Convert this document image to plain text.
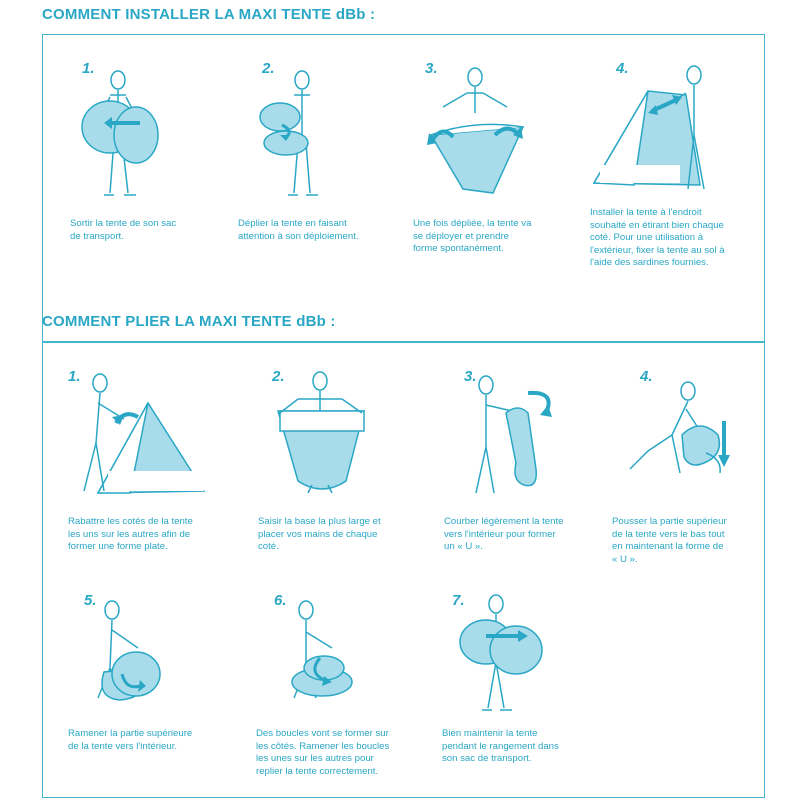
COMMENT INSTALLER LA MAXI TENTE dBb :
COMMENT PLIER LA MAXI TENTE dBb :
1.

Sortir la tente de son sac
de transport.

2.

Déplier la tente en faisant
attention à son déploiement.

3.

Une fois dépliée, la tente va
se déployer et prendre
forme spontanément.

4.

Installer la tente à l'endroit
souhaité en étirant bien chaque
coté. Pour une utilisation à
l'extérieur, fixer la tente au sol à
l'aide des sardines fournies.

1.

Rabattre les cotés de la tente
les uns sur les autres afin de
former une forme plate.

2.

Saisir la base la plus large et
placer vos mains de chaque
coté.

3.

Courber légèrement la tente
vers l'intérieur pour former
un « U ».

4.

Pousser la partie supérieur
de la tente vers le bas tout
en maintenant la forme de
« U ».

5.

Ramener la partie supérieure
de la tente vers l'intérieur.

6.

Des boucles vont se former sur
les côtés. Ramener les boucles
les unes sur les autres pour
replier la tente correctement.

7.

Bien maintenir la tente
pendant le rangement dans
son sac de transport.
